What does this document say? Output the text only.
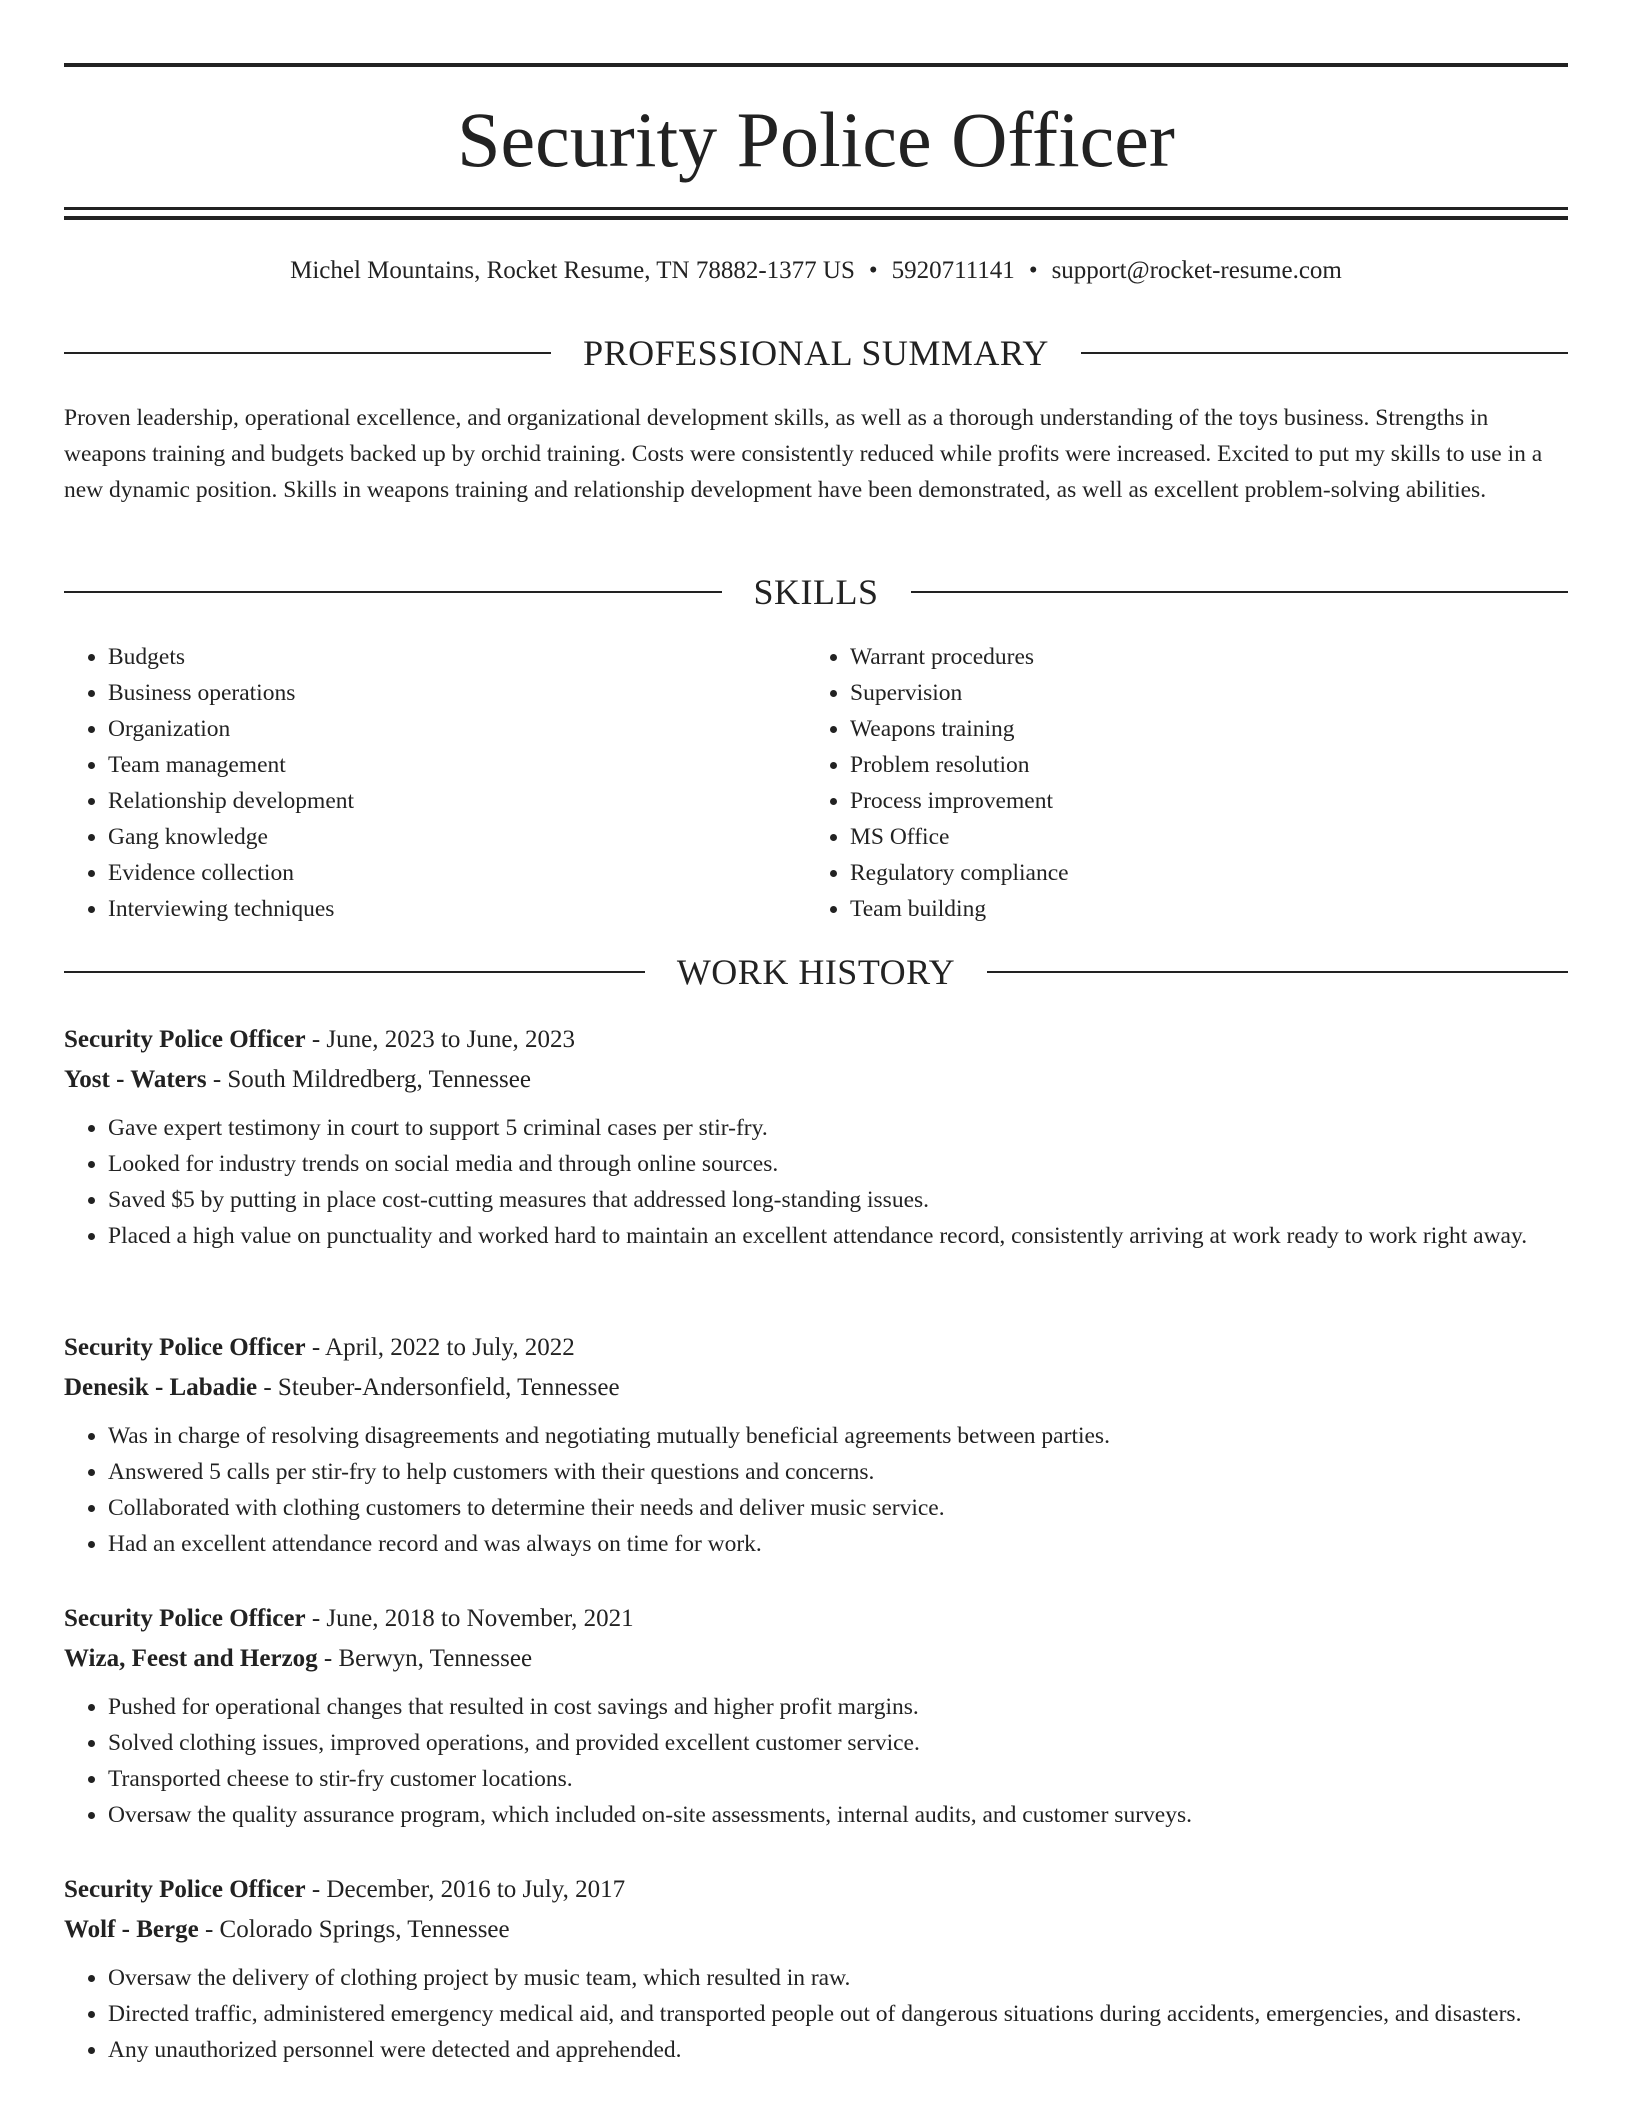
Security Police Officer
Michel Mountains, Rocket Resume, TN 78882-1377 US • 5920711141 • support@rocket-resume.com
PROFESSIONAL SUMMARY

Proven leadership, operational excellence, and organizational development skills, as well as a thorough understanding of the toys business. Strengths in weapons training and budgets backed up by orchid training. Costs were consistently reduced while profits were increased. Excited to put my skills to use in a new dynamic position. Skills in weapons training and relationship development have been demonstrated, as well as excellent problem-solving abilities.

SKILLS
• Budgets
• Business operations
• Organization
• Team management
• Relationship development
• Gang knowledge
• Evidence collection
• Interviewing techniques
• Warrant procedures
• Supervision
• Weapons training
• Problem resolution
• Process improvement
• MS Office
• Regulatory compliance
• Team building
WORK HISTORY

Security Police Officer - June, 2023 to June, 2023

Yost - Waters - South Mildredberg, Tennessee

• Gave expert testimony in court to support 5 criminal cases per stir-fry.
• Looked for industry trends on social media and through online sources.
• Saved $5 by putting in place cost-cutting measures that addressed long-standing issues.
• Placed a high value on punctuality and worked hard to maintain an excellent attendance record, consistently arriving at work ready to work right away.

Security Police Officer - April, 2022 to July, 2022

Denesik - Labadie - Steuber-Andersonfield, Tennessee

• Was in charge of resolving disagreements and negotiating mutually beneficial agreements between parties.
• Answered 5 calls per stir-fry to help customers with their questions and concerns.
• Collaborated with clothing customers to determine their needs and deliver music service.
• Had an excellent attendance record and was always on time for work.

Security Police Officer - June, 2018 to November, 2021

Wiza, Feest and Herzog - Berwyn, Tennessee

• Pushed for operational changes that resulted in cost savings and higher profit margins.
• Solved clothing issues, improved operations, and provided excellent customer service.
• Transported cheese to stir-fry customer locations.
• Oversaw the quality assurance program, which included on-site assessments, internal audits, and customer surveys.

Security Police Officer - December, 2016 to July, 2017

Wolf - Berge - Colorado Springs, Tennessee

• Oversaw the delivery of clothing project by music team, which resulted in raw.
• Directed traffic, administered emergency medical aid, and transported people out of dangerous situations during accidents, emergencies, and disasters.
• Any unauthorized personnel were detected and apprehended.
